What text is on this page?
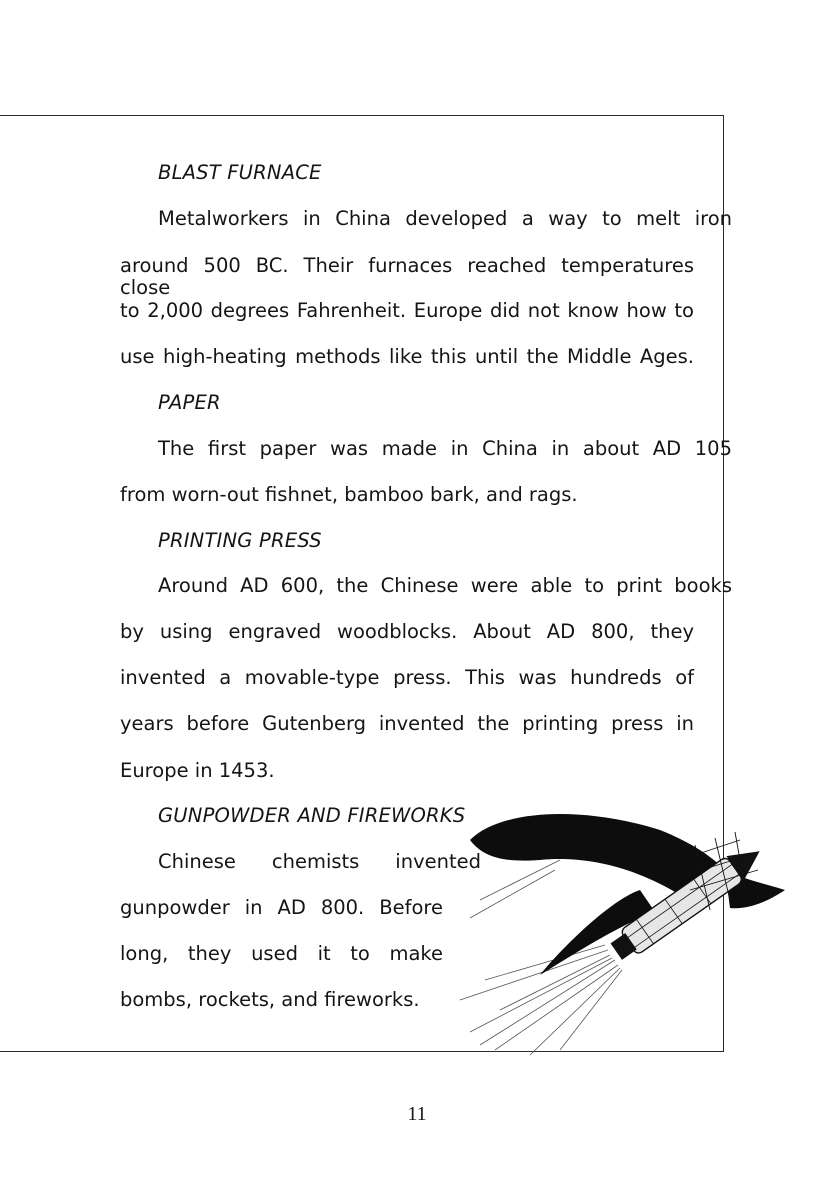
BLAST FURNACE
Metalworkers in China developed a way to melt iron
around 500 BC. Their furnaces reached temperatures close
to 2,000 degrees Fahrenheit. Europe did not know how to
use high-heating methods like this until the Middle Ages.
PAPER
The first paper was made in China in about AD 105
from worn-out fishnet, bamboo bark, and rags.
PRINTING PRESS
Around AD 600, the Chinese were able to print books
by using engraved woodblocks. About AD 800, they
invented a movable-type press. This was hundreds of
years before Gutenberg invented the printing press in
Europe in 1453.
GUNPOWDER AND FIREWORKS
Chinese chemists invented
gunpowder in AD 800. Before
long, they used it to make
bombs, rockets, and fireworks.
11
